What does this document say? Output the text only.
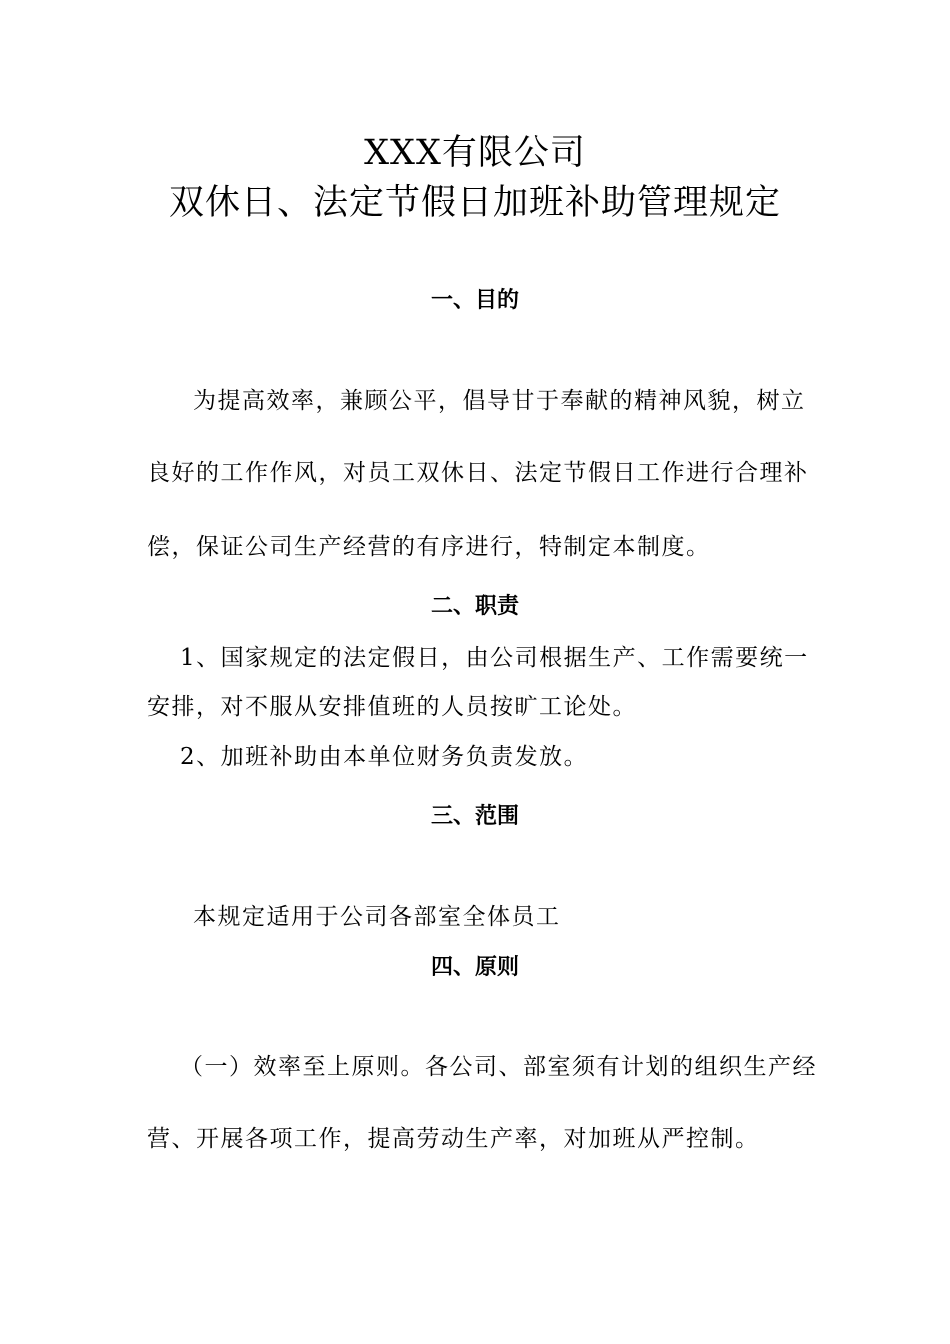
XXX有限公司
双休日、法定节假日加班补助管理规定
一、目的
为提高效率，兼顾公平，倡导甘于奉献的精神风貌，树立
良好的工作作风，对员工双休日、法定节假日工作进行合理补
偿，保证公司生产经营的有序进行，特制定本制度。
二、职责
1、国家规定的法定假日，由公司根据生产、工作需要统一
安排，对不服从安排值班的人员按旷工论处。
2、加班补助由本单位财务负责发放。
三、范围
本规定适用于公司各部室全体员工
四、原则
（一）效率至上原则。各公司、部室须有计划的组织生产经
营、开展各项工作，提高劳动生产率，对加班从严控制。
